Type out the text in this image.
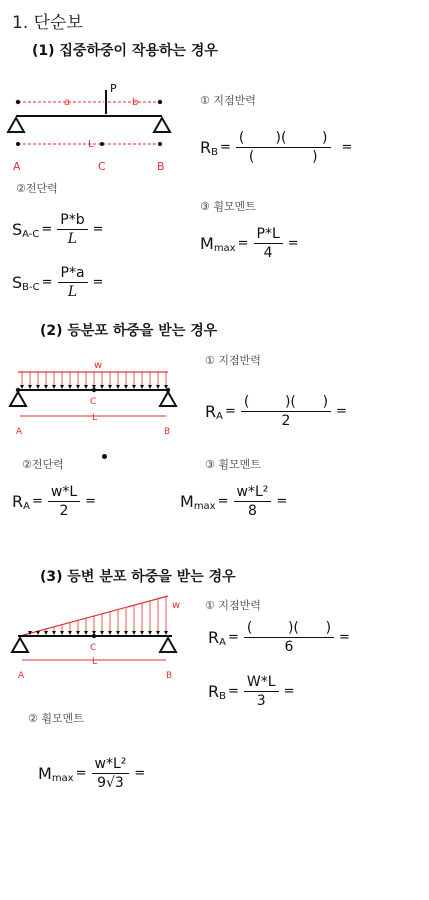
1. 단순보
(1) 집중하중이 작용하는 경우
a	b
P
L
A	C	B
① 지점반력
②전단력
③ 휨모멘트
R $B = \frac{( )( )}{( )}$ =
S $A-C = \frac{P*b}{L}$ =
S $B-C = \frac{P*a}{L}$ =
M $\max = \frac{P*L}{4}$ =
(2) 등분포 하중을 받는 경우
w
C
L
A	B
① 지점반력
②전단력	③ 휨모멘트
R $A = \frac{( )( )}{2}$ =
R $A = \frac{w*L}{2}$ =	M $\max = \frac{\text{w*L²}}{8}$ =
(3) 등변 분포 하중을 받는 경우
w
C
L
A	B
① 지점반력
② 휨모멘트
R $A = \frac{( )( )}{6}$ =
R $B = \frac{W*L}{3}$ =
M $\max = \frac{\text{w*L²}}{9√3}$ =
